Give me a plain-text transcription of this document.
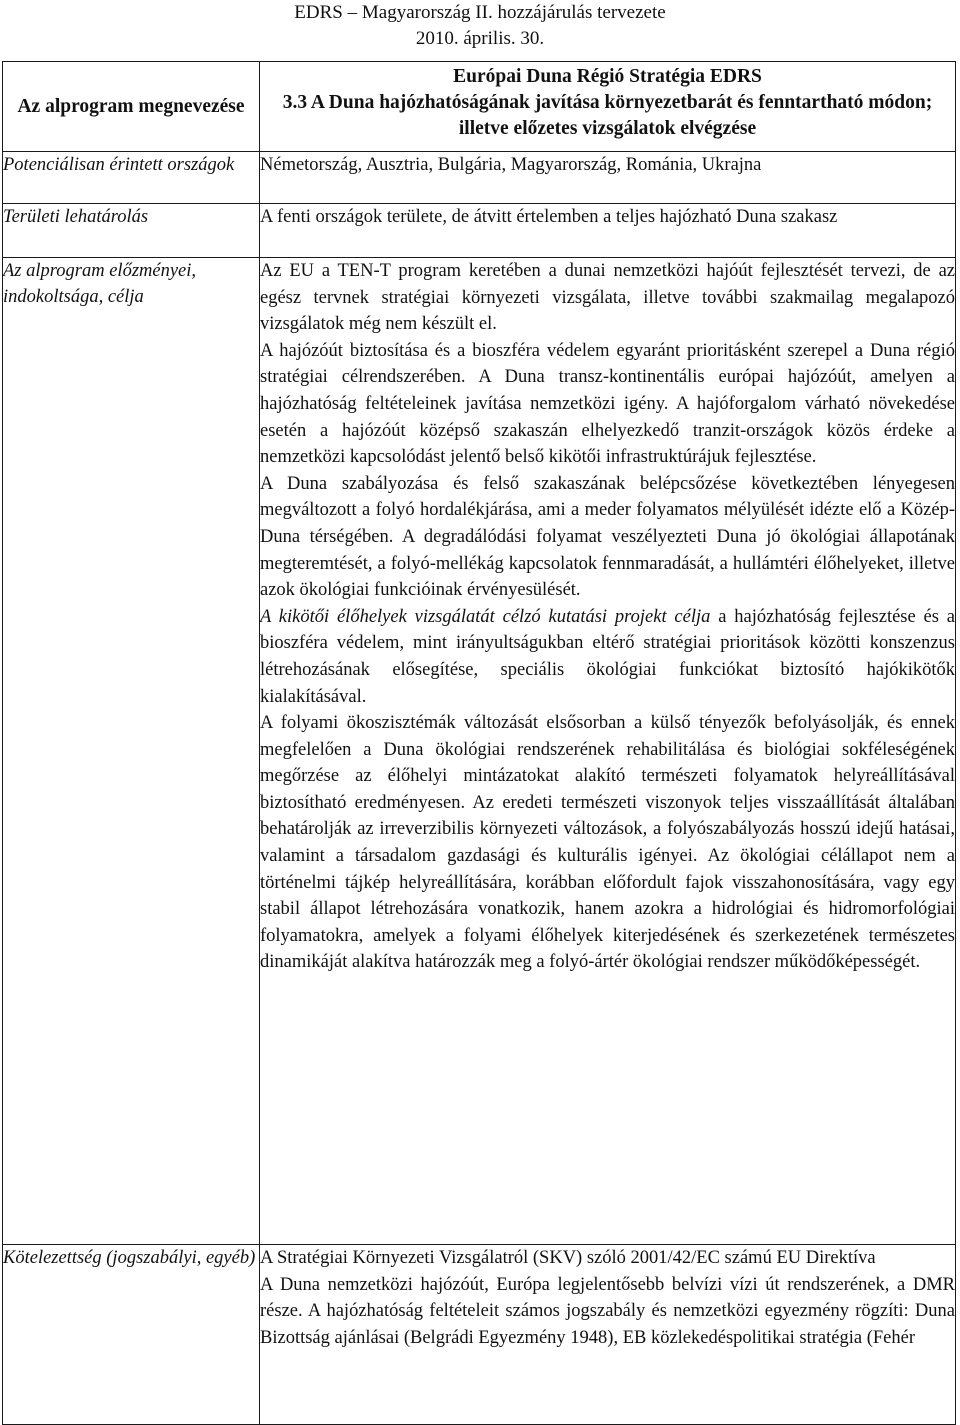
EDRS – Magyarország II. hozzájárulás tervezete
2010. április. 30.
Az alprogram megnevezése	Európai Duna Régió Stratégia EDRS
3.3 A Duna hajózhatóságának javítása környezetbarát és fenntartható módon; illetve előzetes vizsgálatok elvégzése

Potenciálisan érintett országok	Németország, Ausztria, Bulgária, Magyarország, Románia, Ukrajna

Területi lehatárolás	A fenti országok területe, de átvitt értelemben a teljes hajózható Duna szakasz

Az alprogram előzményei, indokoltsága, célja	Az EU a TEN-T program keretében a dunai nemzetközi hajóút fejlesztését tervezi, de az egész tervnek stratégiai környezeti vizsgálata, illetve további szakmailag megalapozó vizsgálatok még nem készült el.

A hajózóút biztosítása és a bioszféra védelem egyaránt prioritásként szerepel a Duna régió stratégiai célrendszerében. A Duna transz-kontinentális európai hajózóút, amelyen a hajózhatóság feltételeinek javítása nemzetközi igény. A hajóforgalom várható növekedése esetén a hajózóút középső szakaszán elhelyezkedő tranzit-országok közös érdeke a nemzetközi kapcsolódást jelentő belső kikötői infrastruktúrájuk fejlesztése.

A Duna szabályozása és felső szakaszának belépcsőzése következtében lényegesen megváltozott a folyó hordalékjárása, ami a meder folyamatos mélyülését idézte elő a Közép-Duna térségében. A degradálódási folyamat veszélyezteti Duna jó ökológiai állapotának megteremtését, a folyó-mellékág kapcsolatok fennmaradását, a hullámtéri élőhelyeket, illetve azok ökológiai funkcióinak érvényesülését.

A kikötői élőhelyek vizsgálatát célzó kutatási projekt célja a hajózhatóság fejlesztése és a bioszféra védelem, mint irányultságukban eltérő stratégiai prioritások közötti konszenzus létrehozásának elősegítése, speciális ökológiai funkciókat biztosító hajókikötők kialakításával.

A folyami ökoszisztémák változását elsősorban a külső tényezők befolyásolják, és ennek megfelelően a Duna ökológiai rendszerének rehabilitálása és biológiai sokféleségének megőrzése az élőhelyi mintázatokat alakító természeti folyamatok helyreállításával biztosítható eredményesen. Az eredeti természeti viszonyok teljes visszaállítását általában behatárolják az irreverzibilis környezeti változások, a folyószabályozás hosszú idejű hatásai, valamint a társadalom gazdasági és kulturális igényei. Az ökológiai célállapot nem a történelmi tájkép helyreállítására, korábban előfordult fajok visszahonosítására, vagy egy stabil állapot létrehozására vonatkozik, hanem azokra a hidrológiai és hidromorfológiai folyamatokra, amelyek a folyami élőhelyek kiterjedésének és szerkezetének természetes dinamikáját alakítva határozzák meg a folyó-ártér ökológiai rendszer működőképességét.

Kötelezettség (jogszabályi, egyéb)	A Stratégiai Környezeti Vizsgálatról (SKV) szóló 2001/42/EC számú EU Direktíva

A Duna nemzetközi hajózóút, Európa legjelentősebb belvízi vízi út rendszerének, a DMR része. A hajózhatóság feltételeit számos jogszabály és nemzetközi egyezmény rögzíti: Duna Bizottság ajánlásai (Belgrádi Egyezmény 1948), EB közlekedéspolitikai stratégia (Fehér
